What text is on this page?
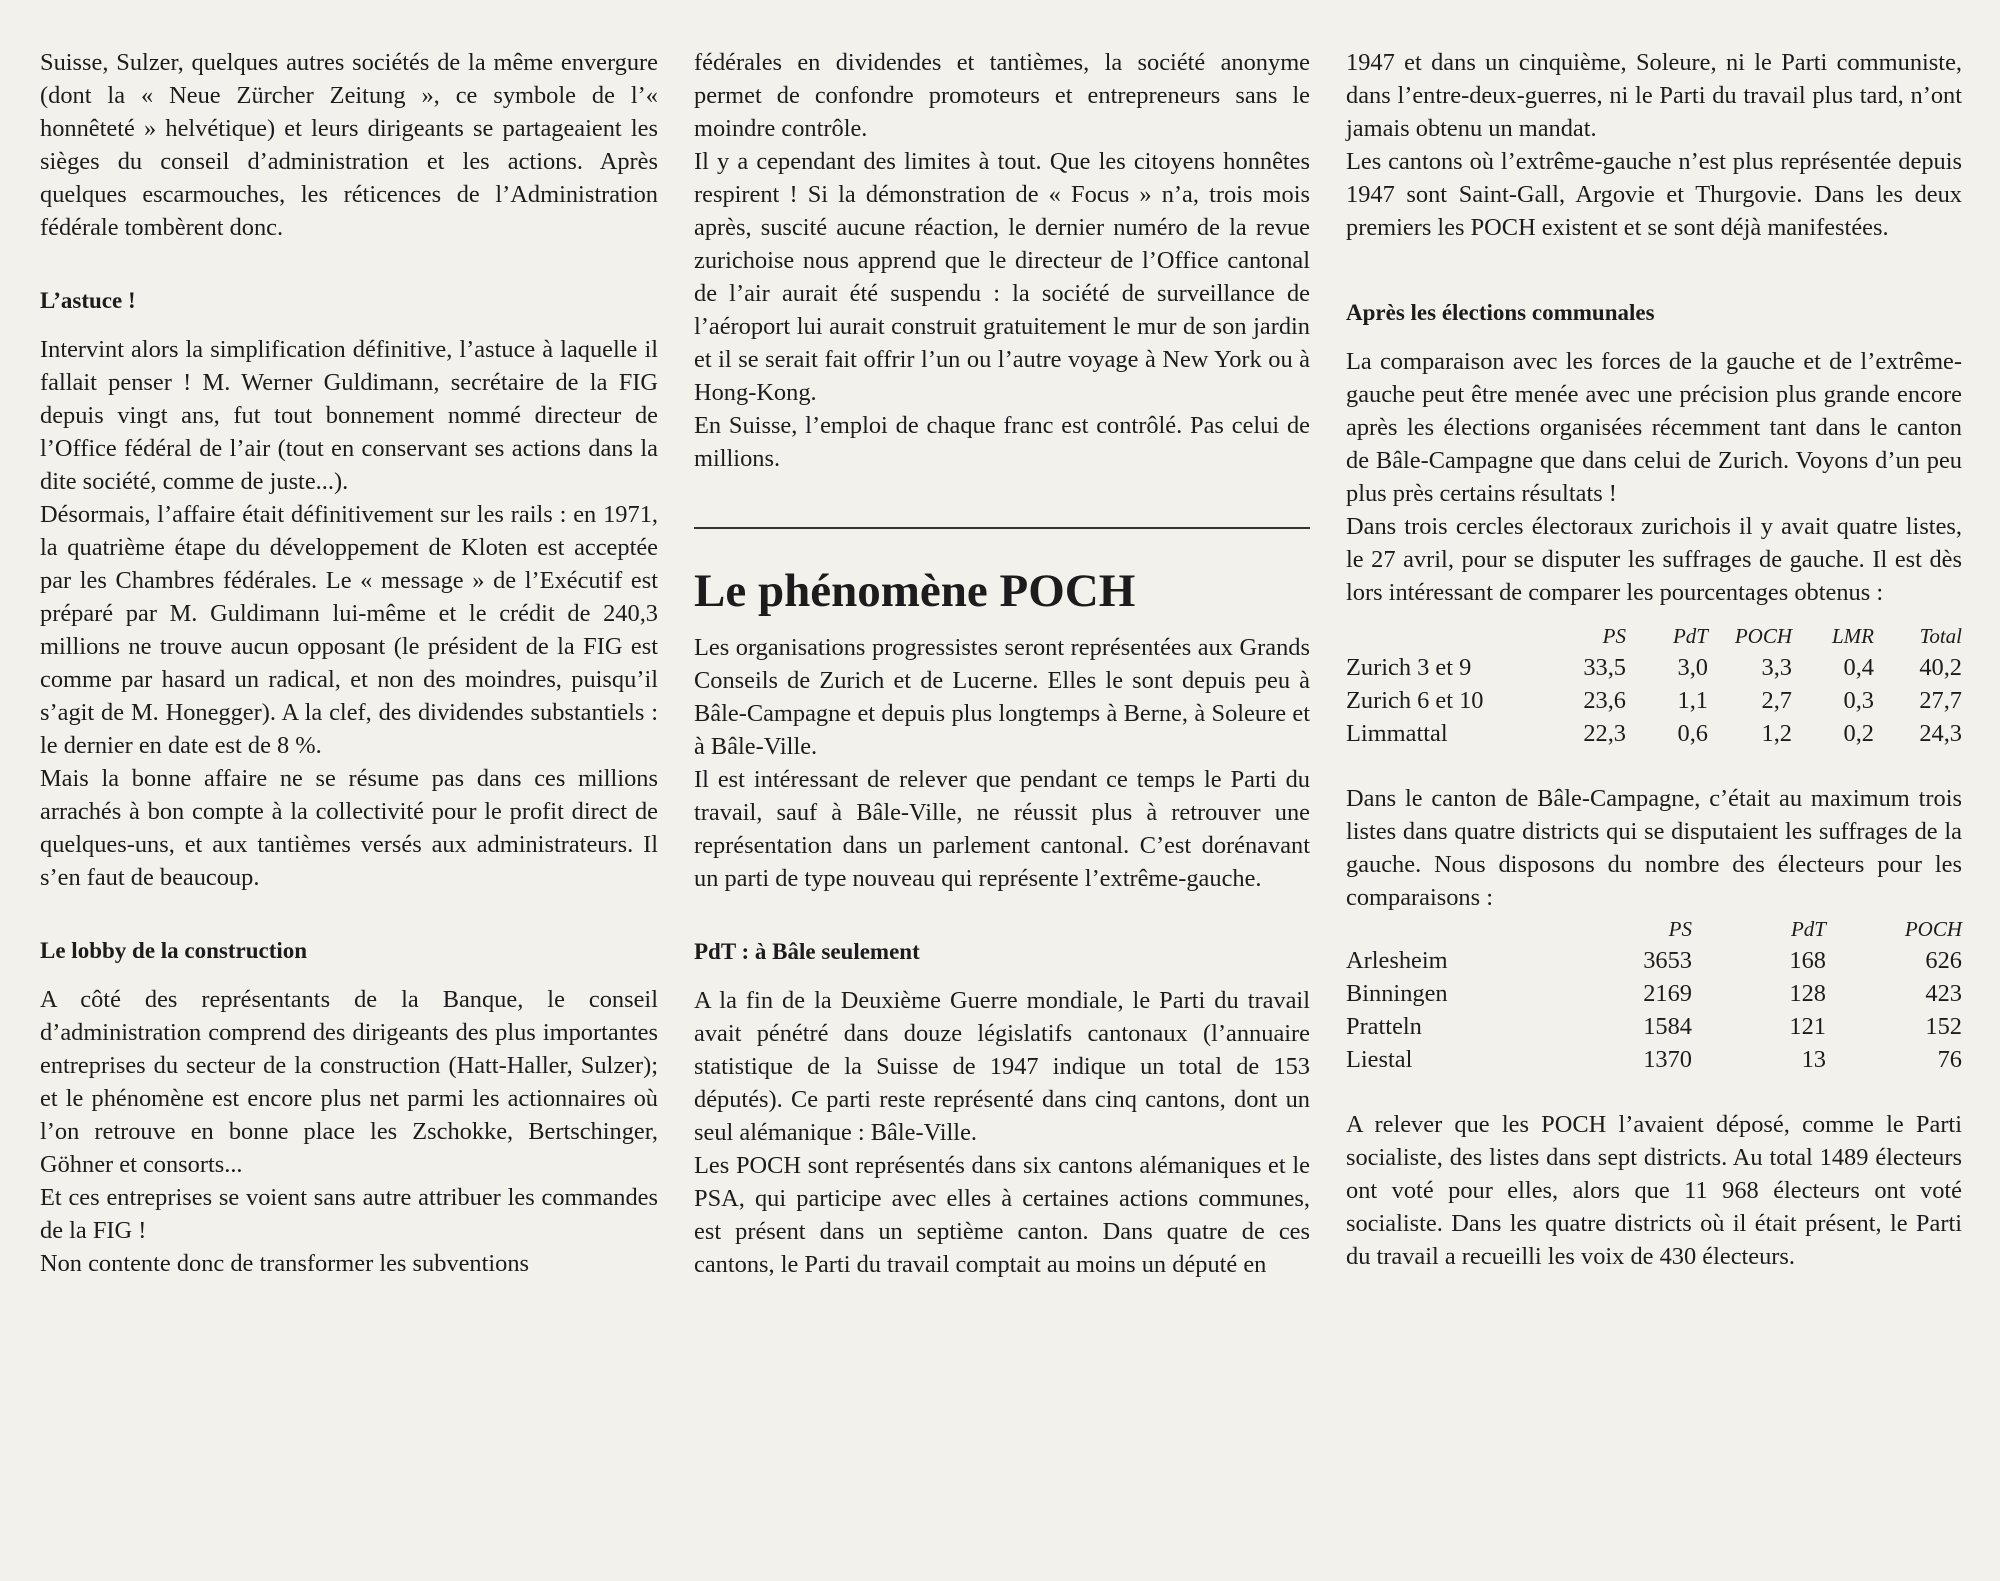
Suisse, Sulzer, quelques autres sociétés de la même envergure (dont la « Neue Zürcher Zeitung », ce symbole de l’« honnêteté » helvétique) et leurs dirigeants se partageaient les sièges du conseil d’administration et les actions. Après quelques escarmouches, les réticences de l’Administration fédérale tombèrent donc.

L’astuce !

Intervint alors la simplification définitive, l’astuce à laquelle il fallait penser ! M. Werner Guldimann, secrétaire de la FIG depuis vingt ans, fut tout bonnement nommé directeur de l’Office fédéral de l’air (tout en conservant ses actions dans la dite société, comme de juste...).

Désormais, l’affaire était définitivement sur les rails : en 1971, la quatrième étape du développement de Kloten est acceptée par les Chambres fédérales. Le « message » de l’Exécutif est préparé par M. Guldimann lui-même et le crédit de 240,3 millions ne trouve aucun opposant (le président de la FIG est comme par hasard un radical, et non des moindres, puisqu’il s’agit de M. Honegger). A la clef, des dividendes substantiels : le dernier en date est de 8 %.

Mais la bonne affaire ne se résume pas dans ces millions arrachés à bon compte à la collectivité pour le profit direct de quelques-uns, et aux tantièmes versés aux administrateurs. Il s’en faut de beaucoup.

Le lobby de la construction

A côté des représentants de la Banque, le conseil d’administration comprend des dirigeants des plus importantes entreprises du secteur de la construction (Hatt-Haller, Sulzer); et le phénomène est encore plus net parmi les actionnaires où l’on retrouve en bonne place les Zschokke, Bertschinger, Göhner et consorts...

Et ces entreprises se voient sans autre attribuer les commandes de la FIG !

Non contente donc de transformer les subventions

fédérales en dividendes et tantièmes, la société anonyme permet de confondre promoteurs et entrepreneurs sans le moindre contrôle.

Il y a cependant des limites à tout. Que les citoyens honnêtes respirent ! Si la démonstration de « Focus » n’a, trois mois après, suscité aucune réaction, le dernier numéro de la revue zurichoise nous apprend que le directeur de l’Office cantonal de l’air aurait été suspendu : la société de surveillance de l’aéroport lui aurait construit gratuitement le mur de son jardin et il se serait fait offrir l’un ou l’autre voyage à New York ou à Hong-Kong.

En Suisse, l’emploi de chaque franc est contrôlé. Pas celui de millions.

Le phénomène POCH

Les organisations progressistes seront représentées aux Grands Conseils de Zurich et de Lucerne. Elles le sont depuis peu à Bâle-Campagne et depuis plus longtemps à Berne, à Soleure et à Bâle-Ville.

Il est intéressant de relever que pendant ce temps le Parti du travail, sauf à Bâle-Ville, ne réussit plus à retrouver une représentation dans un parlement cantonal. C’est dorénavant un parti de type nouveau qui représente l’extrême-gauche.

PdT : à Bâle seulement

A la fin de la Deuxième Guerre mondiale, le Parti du travail avait pénétré dans douze législatifs cantonaux (l’annuaire statistique de la Suisse de 1947 indique un total de 153 députés). Ce parti reste représenté dans cinq cantons, dont un seul alémanique : Bâle-Ville.

Les POCH sont représentés dans six cantons alémaniques et le PSA, qui participe avec elles à certaines actions communes, est présent dans un septième canton. Dans quatre de ces cantons, le Parti du travail comptait au moins un député en

1947 et dans un cinquième, Soleure, ni le Parti communiste, dans l’entre-deux-guerres, ni le Parti du travail plus tard, n’ont jamais obtenu un mandat.

Les cantons où l’extrême-gauche n’est plus représentée depuis 1947 sont Saint-Gall, Argovie et Thurgovie. Dans les deux premiers les POCH existent et se sont déjà manifestées.

Après les élections communales

La comparaison avec les forces de la gauche et de l’extrême-gauche peut être menée avec une précision plus grande encore après les élections organisées récemment tant dans le canton de Bâle-Campagne que dans celui de Zurich. Voyons d’un peu plus près certains résultats !

Dans trois cercles électoraux zurichois il y avait quatre listes, le 27 avril, pour se disputer les suffrages de gauche. Il est dès lors intéressant de comparer les pourcentages obtenus :

	PS	PdT	POCH	LMR	Total
Zurich 3 et 9	33,5	3,0	3,3	0,4	40,2
Zurich 6 et 10	23,6	1,1	2,7	0,3	27,7
Limmattal	22,3	0,6	1,2	0,2	24,3

Dans le canton de Bâle-Campagne, c’était au maximum trois listes dans quatre districts qui se disputaient les suffrages de la gauche. Nous disposons du nombre des électeurs pour les comparaisons :

	PS	PdT	POCH
Arlesheim	3653	168	626
Binningen	2169	128	423
Pratteln	1584	121	152
Liestal	1370	13	76

A relever que les POCH l’avaient déposé, comme le Parti socialiste, des listes dans sept districts. Au total 1489 électeurs ont voté pour elles, alors que 11 968 électeurs ont voté socialiste. Dans les quatre districts où il était présent, le Parti du travail a recueilli les voix de 430 électeurs.
